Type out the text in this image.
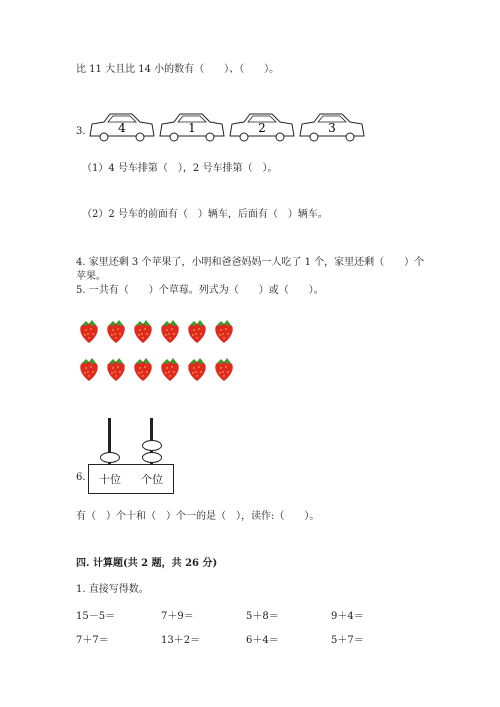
比 11 大且比 14 小的数有（　　）、（　　）。
3.	4	1	2	3
（1）4 号车排第（　），2 号车排第（　）。
（2）2 号车的前面有（　）辆车，后面有（　）辆车。
4. 家里还剩 3 个苹果了，小明和爸爸妈妈一人吃了 1 个，家里还剩（　　）个
苹果。
5. 一共有（　　）个草莓。列式为（　　）或（　　）。
6. 十位 个位
有（　）个十和（　）个一的是（　），读作:（　　）。
四. 计算题(共 2 题，共 26 分)
1. 直接写得数。
15－5＝	7＋9＝	5＋8＝	9＋4＝
7＋7＝	13＋2＝	6＋4＝	5＋7＝
